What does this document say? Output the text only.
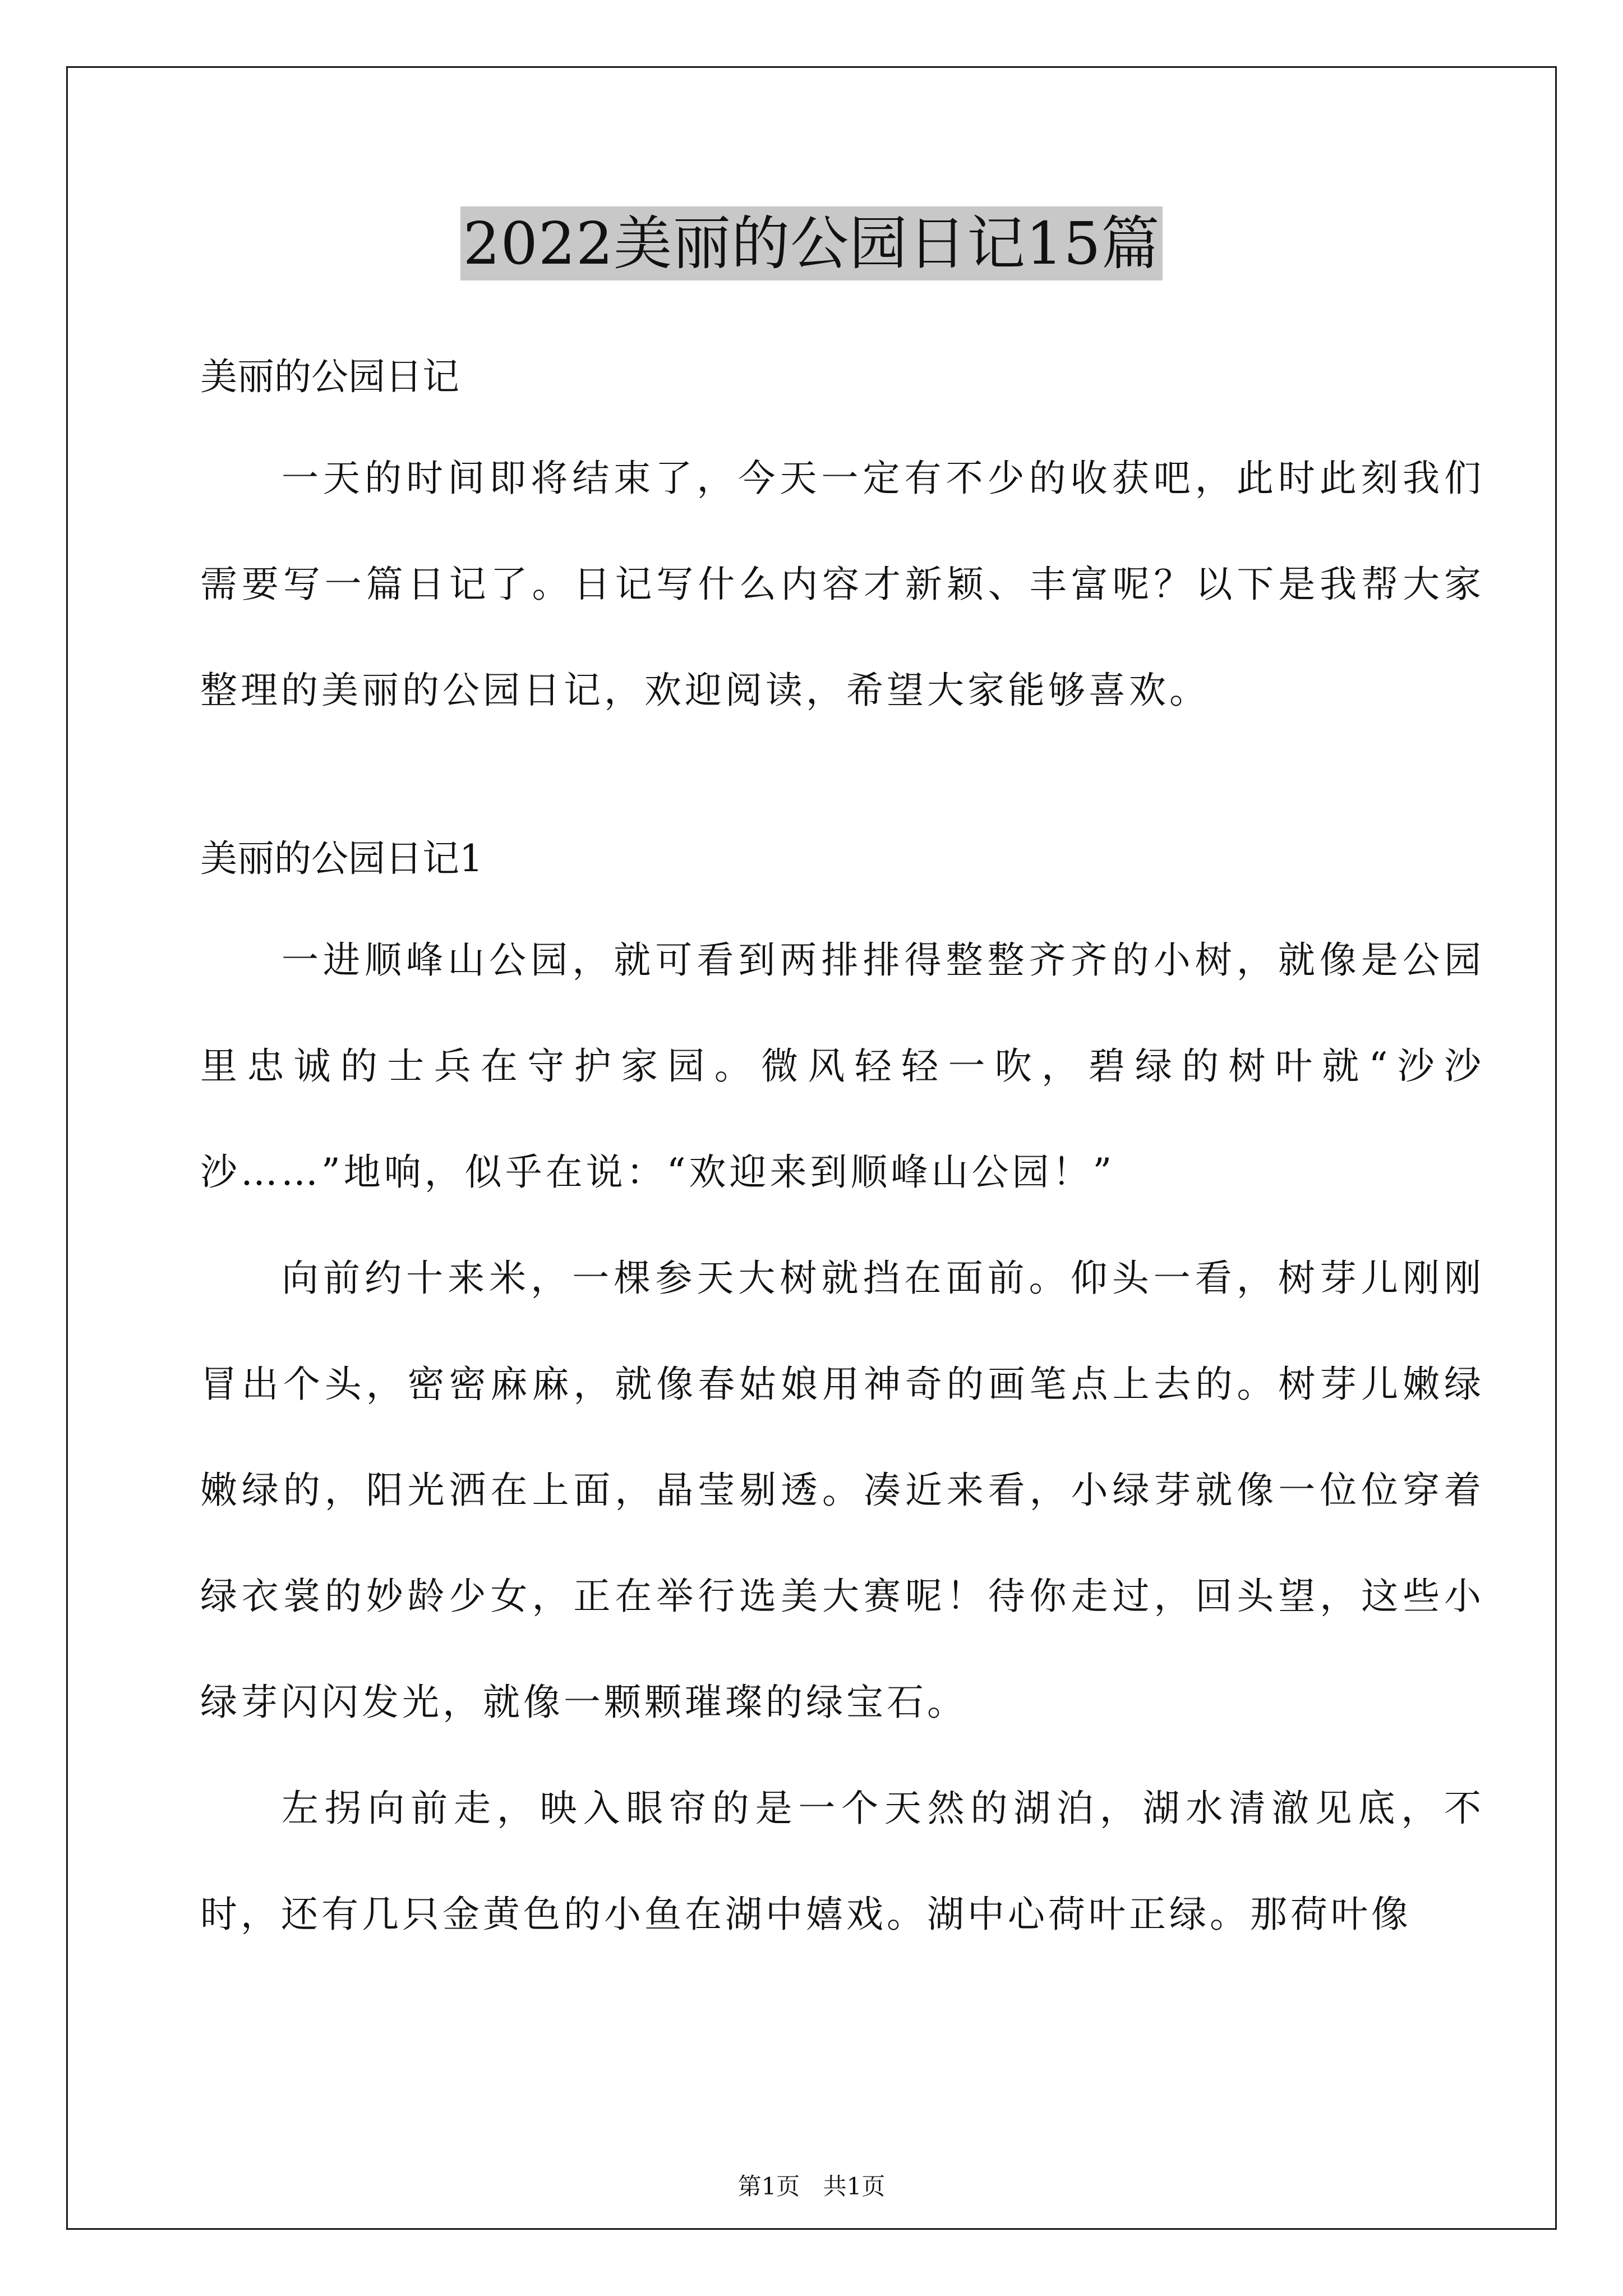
2022美丽的公园日记15篇

美丽的公园日记

一天的时间即将结束了，今天一定有不少的收获吧，此时此刻我们需要写一篇日记了。日记写什么内容才新颖、丰富呢？以下是我帮大家整理的美丽的公园日记，欢迎阅读，希望大家能够喜欢。

美丽的公园日记1

一进顺峰山公园，就可看到两排排得整整齐齐的小树，就像是公园里忠诚的士兵在守护家园。微风轻轻一吹，碧绿的树叶就“沙沙沙……”地响，似乎在说：“欢迎来到顺峰山公园！”

向前约十来米，一棵参天大树就挡在面前。仰头一看，树芽儿刚刚冒出个头，密密麻麻，就像春姑娘用神奇的画笔点上去的。树芽儿嫩绿嫩绿的，阳光洒在上面，晶莹剔透。凑近来看，小绿芽就像一位位穿着绿衣裳的妙龄少女，正在举行选美大赛呢！待你走过，回头望，这些小绿芽闪闪发光，就像一颗颗璀璨的绿宝石。

左拐向前走，映入眼帘的是一个天然的湖泊，湖水清澈见底，不时，还有几只金黄色的小鱼在湖中嬉戏。湖中心荷叶正绿。那荷叶像

第1页 共1页
